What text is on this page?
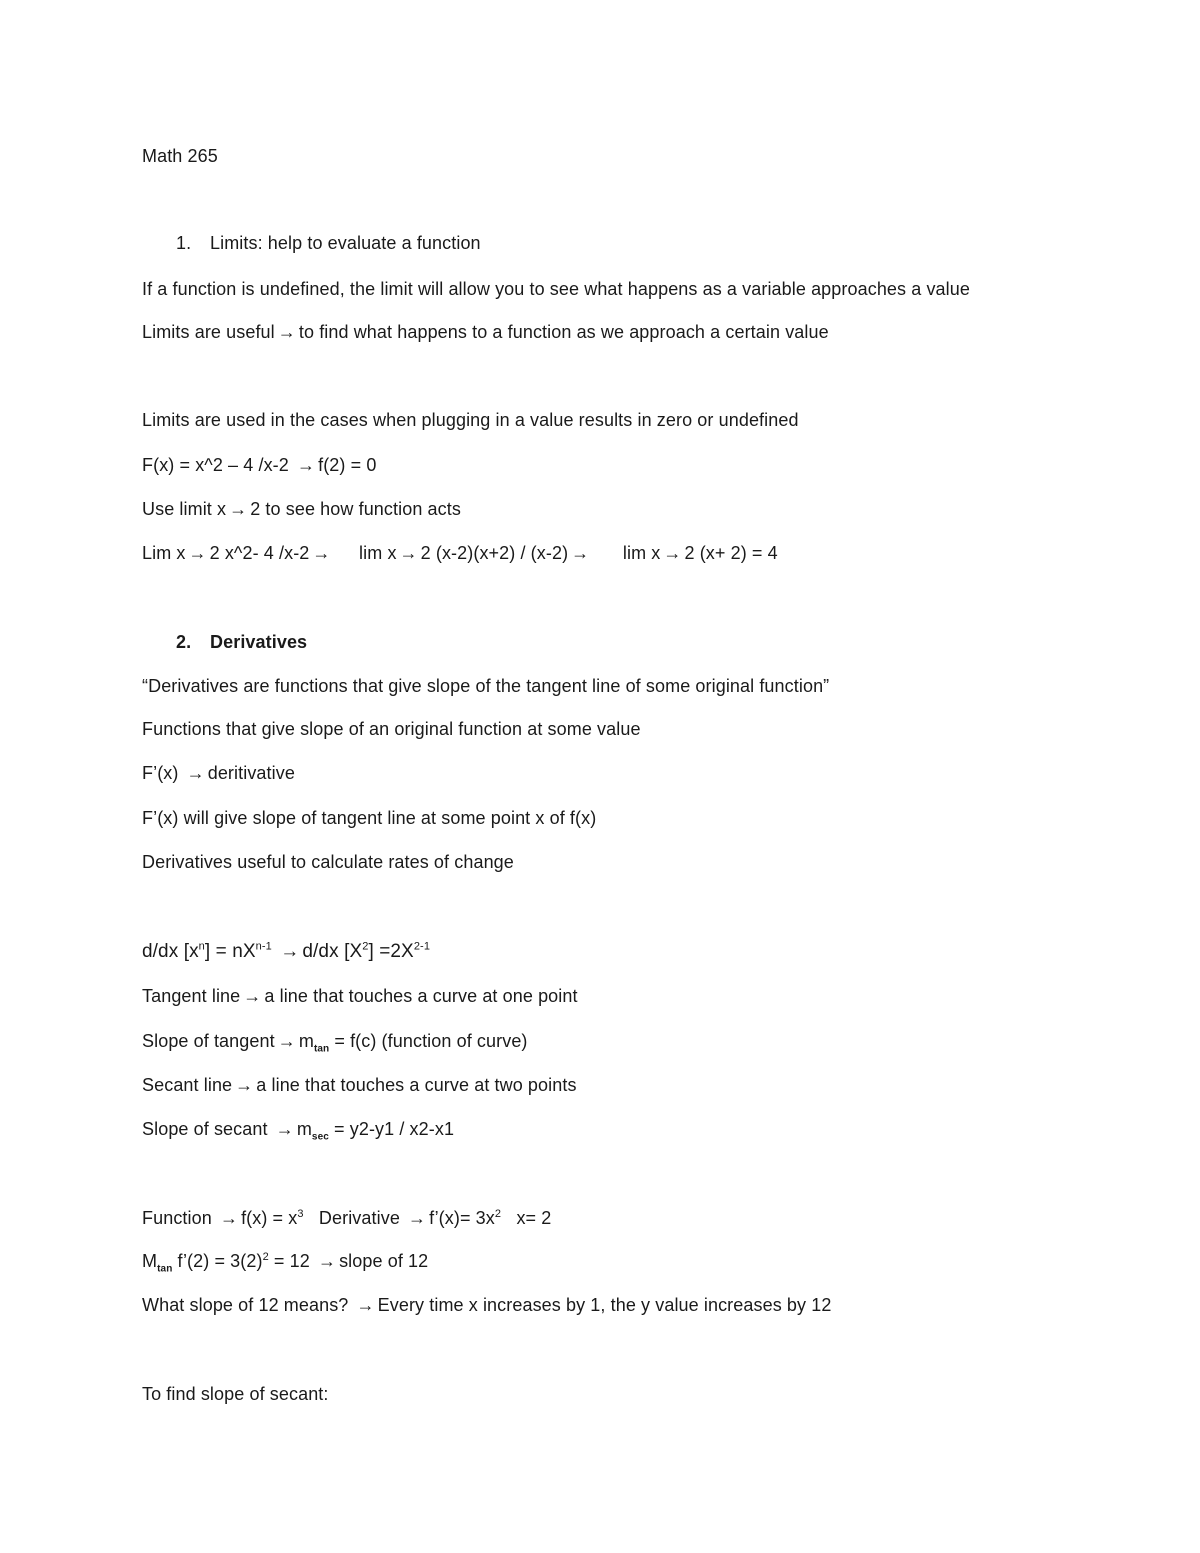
Math 265
1. Limits: help to evaluate a function
If a function is undefined, the limit will allow you to see what happens as a variable approaches a value
Limits are useful → to find what happens to a function as we approach a certain value
Limits are used in the cases when plugging in a value results in zero or undefined
F(x) = x^2 – 4 /x-2 → f(2) = 0
Use limit x → 2 to see how function acts
Lim x → 2 x^2- 4 /x-2 → lim x → 2 (x-2)(x+2) / (x-2) → lim x → 2 (x+ 2) = 4
2. Derivatives
“Derivatives are functions that give slope of the tangent line of some original function”
Functions that give slope of an original function at some value
F’(x) → deritivative
F’(x) will give slope of tangent line at some point x of f(x)
Derivatives useful to calculate rates of change
d/dx $[x^n] = nX^{n-1} \to d/dx$ $[X^2] =2X^{2-1}$
Tangent line → a line that touches a curve at one point
Slope of tangent → $m_{tan} = f(c)$ (function of curve)
Secant line → a line that touches a curve at two points
Slope of secant → $m_{sec} = y2-y1 / x2-x1$
Function → $f(x) = x^3$ Derivative → f’(x)= $3x^2$ x= 2
$M_{tan}$ f’(2) = $3(2)^2 = 12$ → slope of 12
What slope of 12 means? → Every time x increases by 1, the y value increases by 12
To find slope of secant:
